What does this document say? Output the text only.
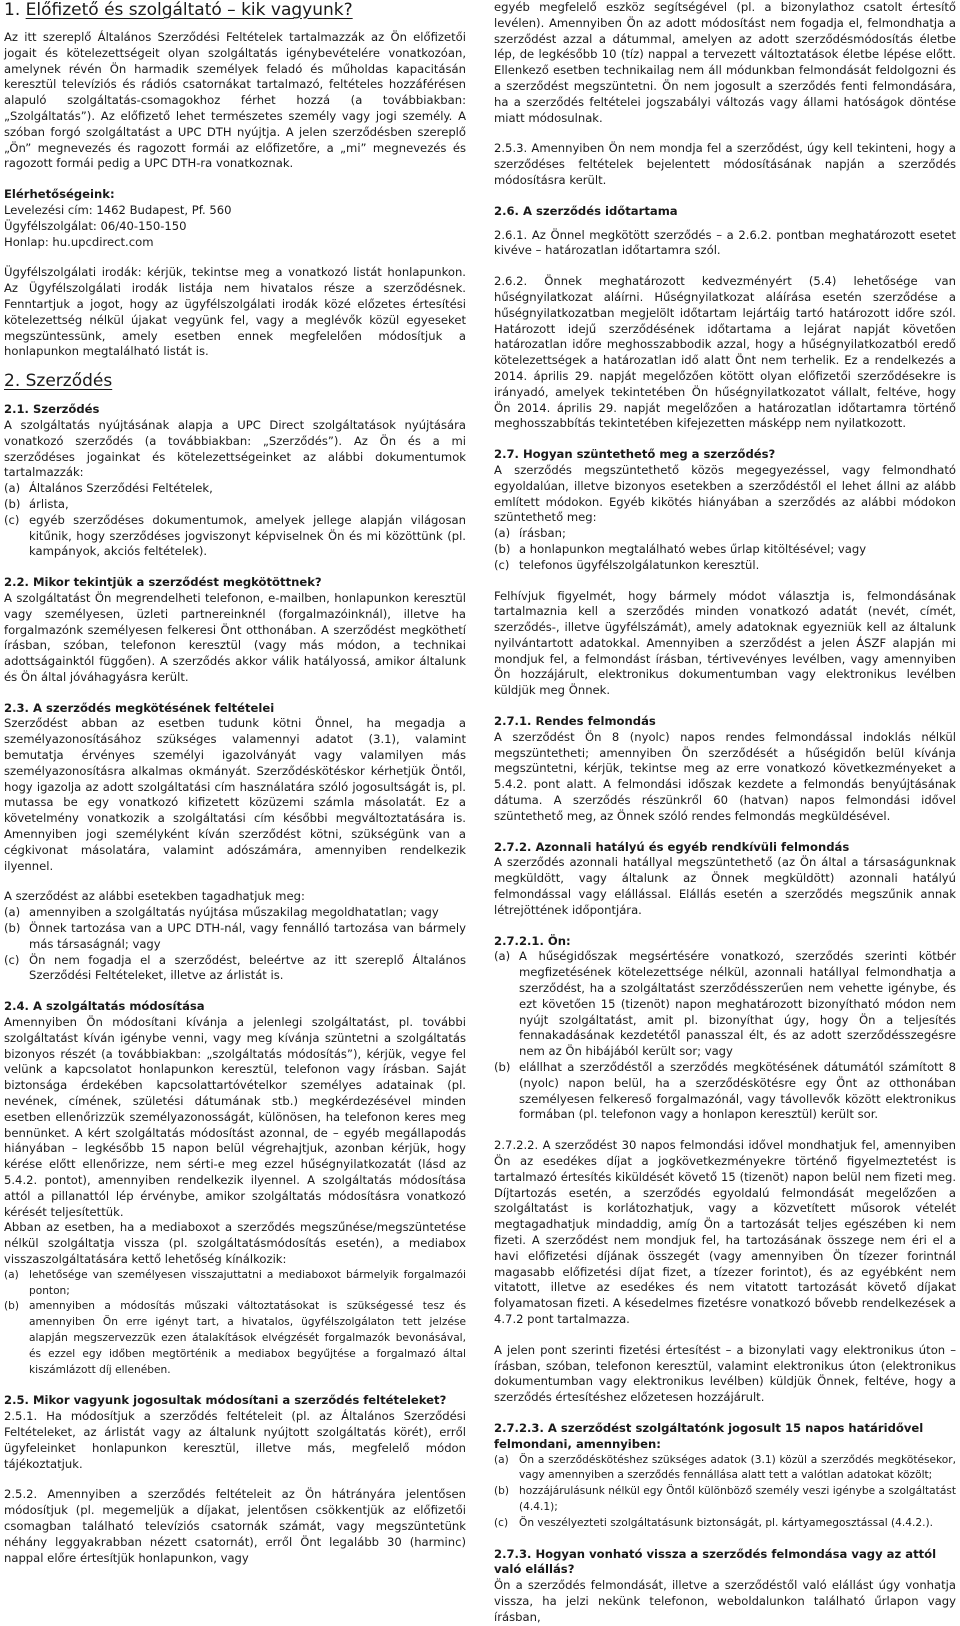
1. Előfizető és szolgáltató – kik vagyunk?

Az itt szereplő Általános Szerződési Feltételek tartalmazzák az Ön előfizetői jogait és kötelezettségeit olyan szolgáltatás igénybevételére vonatkozóan, amelynek révén Ön harmadik személyek feladó és műholdas kapacitásán keresztül televíziós és rádiós csatornákat tartalmazó, feltételes hozzáférésen alapuló szolgáltatás-csomagokhoz férhet hozzá (a továbbiakban: „Szolgáltatás”). Az előfizető lehet természetes személy vagy jogi személy. A szóban forgó szolgáltatást a UPC DTH nyújtja. A jelen szerződésben szereplő „Ön” megnevezés és ragozott formái az előfizetőre, a „mi” megnevezés és ragozott formái pedig a UPC DTH-ra vonatkoznak.

Elérhetőségeink:
Levelezési cím: 1462 Budapest, Pf. 560
Ügyfélszolgálat: 06/40-150-150
Honlap: hu.upcdirect.com

Ügyfélszolgálati irodák: kérjük, tekintse meg a vonatkozó listát honlapunkon. Az Ügyfélszolgálati irodák listája nem hivatalos része a szerződésnek. Fenntartjuk a jogot, hogy az ügyfélszolgálati irodák közé előzetes értesítési kötelezettség nélkül újakat vegyünk fel, vagy a meglévők közül egyeseket megszüntessünk, amely esetben ennek megfelelően módosítjuk a honlapunkon megtalálható listát is.

2. Szerződés
2.1. Szerződés

A szolgáltatás nyújtásának alapja a UPC Direct szolgáltatások nyújtására vonatkozó szerződés (a továbbiakban: „Szerződés”). Az Ön és a mi szerződéses jogainkat és kötelezettségeinket az alábbi dokumentumok tartalmazzák:

(a) Általános Szerződési Feltételek,
(b) árlista,
(c) egyéb szerződéses dokumentumok, amelyek jellege alapján világosan kitűnik, hogy szerződéses jogviszonyt képviselnek Ön és mi közöttünk (pl. kampányok, akciós feltételek).
2.2. Mikor tekintjük a szerződést megkötöttnek?

A szolgáltatást Ön megrendelheti telefonon, e-mailben, honlapunkon keresztül vagy személyesen, üzleti partnereinknél (forgalmazóinknál), illetve ha forgalmazónk személyesen felkeresi Önt otthonában. A szerződést megköthetí írásban, szóban, telefonon keresztül (vagy más módon, a technikai adottságainktól függően). A szerződés akkor válik hatályossá, amikor általunk és Ön által jóváhagyásra került.

2.3. A szerződés megkötésének feltételei

Szerződést abban az esetben tudunk kötni Önnel, ha megadja a személyazonosításához szükséges valamennyi adatot (3.1), valamint bemutatja érvényes személyi igazolványát vagy valamilyen más személyazonosításra alkalmas okmányát. Szerződéskötéskor kérhetjük Öntől, hogy igazolja az adott szolgáltatási cím használatára szóló jogosultságát is, pl. mutassa be egy vonatkozó kifizetett közüzemi számla másolatát. Ez a követelmény vonatkozik a szolgáltatási cím későbbi megváltoztatására is. Amennyiben jogi személyként kíván szerződést kötni, szükségünk van a cégkivonat másolatára, valamint adószámára, amennyiben rendelkezik ilyennel.

A szerződést az alábbi esetekben tagadhatjuk meg:

(a) amennyiben a szolgáltatás nyújtása műszakilag megoldhatatlan; vagy
(b) Önnek tartozása van a UPC DTH-nál, vagy fennálló tartozása van bármely más társaságnál; vagy
(c) Ön nem fogadja el a szerződést, beleértve az itt szereplő Általános Szerződési Feltételeket, illetve az árlistát is.
2.4. A szolgáltatás módosítása

Amennyiben Ön módosítani kívánja a jelenlegi szolgáltatást, pl. további szolgáltatást kíván igénybe venni, vagy meg kívánja szüntetni a szolgáltatás bizonyos részét (a továbbiakban: „szolgáltatás módosítás”), kérjük, vegye fel velünk a kapcsolatot honlapunkon keresztül, telefonon vagy írásban. Saját biztonsága érdekében kapcsolattartóvételkor személyes adatainak (pl. nevének, címének, születési dátumának stb.) megkérdezésével minden esetben ellenőrizzük személyazonosságát, különösen, ha telefonon keres meg bennünket. A kért szolgáltatás módosítást azonnal, de – egyéb megállapodás hiányában – legkésőbb 15 napon belül végrehajtjuk, azonban kérjük, hogy kérése előtt ellenőrizze, nem sérti-e meg ezzel hűségnyilatkozatát (lásd az 5.4.2. pontot), amennyiben rendelkezik ilyennel. A szolgáltatás módosítása attól a pillanattól lép érvénybe, amikor szolgáltatás módosításra vonatkozó kérését teljesítettük.

Abban az esetben, ha a mediaboxot a szerződés megszűnése/megszüntetése nélkül szolgáltatja vissza (pl. szolgáltatásmódosítás esetén), a mediabox visszaszolgáltatására kettő lehetőség kínálkozik:

(a) lehetősége van személyesen visszajuttatni a mediaboxot bármelyik forgalmazói ponton;
(b) amennyiben a módosítás műszaki változtatásokat is szükségessé tesz és amennyiben Ön erre igényt tart, a hivatalos, ügyfélszolgálaton tett jelzése alapján megszervezzük ezen átalakítások elvégzését forgalmazók bevonásával, és ezzel egy időben megtörténik a mediabox begyűjtése a forgalmazó által kiszámlázott díj ellenében.
2.5. Mikor vagyunk jogosultak módosítani a szerződés feltételeket?

2.5.1. Ha módosítjuk a szerződés feltételeit (pl. az Általános Szerződési Feltételeket, az árlistát vagy az általunk nyújtott szolgáltatás körét), erről ügyfeleinket honlapunkon keresztül, illetve más, megfelelő módon tájékoztatjuk.

2.5.2. Amennyiben a szerződés feltételeit az Ön hátrányára jelentősen módosítjuk (pl. megemeljük a díjakat, jelentősen csökkentjük az előfizetői csomagban található televíziós csatornák számát, vagy megszüntetünk néhány leggyakrabban nézett csatornát), erről Önt legalább 30 (harminc) nappal előre értesítjük honlapunkon, vagy

egyéb megfelelő eszköz segítségével (pl. a bizonylathoz csatolt értesítő levélen). Amennyiben Ön az adott módosítást nem fogadja el, felmondhatja a szerződést azzal a dátummal, amelyen az adott szerződésmódosítás életbe lép, de legkésőbb 10 (tíz) nappal a tervezett változtatások életbe lépése előtt. Ellenkező esetben technikailag nem áll módunkban felmondását feldolgozni és a szerződést megszüntetni. Ön nem jogosult a szerződés fenti felmondására, ha a szerződés feltételei jogszabályi változás vagy állami hatóságok döntése miatt módosulnak.

2.5.3. Amennyiben Ön nem mondja fel a szerződést, úgy kell tekinteni, hogy a szerződéses feltételek bejelentett módosításának napján a szerződés módosításra került.

2.6. A szerződés időtartama

2.6.1. Az Önnel megkötött szerződés – a 2.6.2. pontban meghatározott esetet kivéve – határozatlan időtartamra szól.

2.6.2. Önnek meghatározott kedvezményért (5.4) lehetősége van hűségnyilatkozat aláírni. Hűségnyilatkozat aláírása esetén szerződése a hűségnyilatkozatban megjelölt időtartam lejártáig tartó határozott időre szól. Határozott idejű szerződésének időtartama a lejárat napját követően határozatlan időre meghosszabbodik azzal, hogy a hűségnyilatkozatból eredő kötelezettségek a határozatlan idő alatt Önt nem terhelik. Ez a rendelkezés a 2014. április 29. napját megelőzően kötött olyan előfizetői szerződésekre is irányadó, amelyek tekintetében Ön hűségnyilatkozatot vállalt, feltéve, hogy Ön 2014. április 29. napját megelőzően a határozatlan időtartamra történő meghosszabbítás tekintetében kifejezetten másképp nem nyilatkozott.

2.7. Hogyan szüntethető meg a szerződés?

A szerződés megszüntethető közös megegyezéssel, vagy felmondható egyoldalúan, illetve bizonyos esetekben a szerződéstől el lehet állni az alább említett módokon. Egyéb kikötés hiányában a szerződés az alábbi módokon szüntethető meg:

(a) írásban;
(b) a honlapunkon megtalálható webes űrlap kitöltésével; vagy
(c) telefonos ügyfélszolgálatunkon keresztül.

Felhívjuk figyelmét, hogy bármely módot választja is, felmondásának tartalmaznia kell a szerződés minden vonatkozó adatát (nevét, címét, szerződés-, illetve ügyfélszámát), amely adatoknak egyezniük kell az általunk nyilvántartott adatokkal. Amennyiben a szerződést a jelen ÁSZF alapján mi mondjuk fel, a felmondást írásban, tértivevényes levélben, vagy amennyiben Ön hozzájárult, elektronikus dokumentumban vagy elektronikus levélben küldjük meg Önnek.

2.7.1. Rendes felmondás

A szerződést Ön 8 (nyolc) napos rendes felmondással indoklás nélkül megszüntetheti; amennyiben Ön szerződését a hűségidőn belül kívánja megszüntetni, kérjük, tekintse meg az erre vonatkozó következményeket a 5.4.2. pont alatt. A felmondási időszak kezdete a felmondás benyújtásának dátuma. A szerződés részünkről 60 (hatvan) napos felmondási idővel szüntethető meg, az Önnek szóló rendes felmondás megküldésével.

2.7.2. Azonnali hatályú és egyéb rendkívüli felmondás

A szerződés azonnali hatállyal megszüntethető (az Ön által a társaságunknak megküldött, vagy általunk az Önnek megküldött) azonnali hatályú felmondással vagy elállással. Elállás esetén a szerződés megszűnik annak létrejöttének időpontjára.

2.7.2.1. Ön:
(a) A hűségidőszak megsértésére vonatkozó, szerződés szerinti kötbér megfizetésének kötelezettsége nélkül, azonnali hatállyal felmondhatja a szerződést, ha a szolgáltatást szerződésszerűen nem vehette igénybe, és ezt követően 15 (tizenöt) napon meghatározott bizonyítható módon nem nyújt szolgáltatást, amit pl. bizonyíthat úgy, hogy Ön a teljesítés fennakadásának kezdetétől panasszal élt, és az adott szerződésszegésre nem az Ön hibájából került sor; vagy
(b) elállhat a szerződéstől a szerződés megkötésének dátumától számított 8 (nyolc) napon belül, ha a szerződéskötésre egy Önt az otthonában személyesen felkereső forgalmazónál, vagy távollevők között elektronikus formában (pl. telefonon vagy a honlapon keresztül) került sor.

2.7.2.2. A szerződést 30 napos felmondási idővel mondhatjuk fel, amennyiben Ön az esedékes díjat a jogkövetkezményekre történő figyelmeztetést is tartalmazó értesítés kiküldését követő 15 (tizenöt) napon belül nem fizeti meg. Díjtartozás esetén, a szerződés egyoldalú felmondását megelőzően a szolgáltatást is korlátozhatjuk, vagy a közvetített műsorok vételét megtagadhatjuk mindaddig, amíg Ön a tartozását teljes egészében ki nem fizeti. A szerződést nem mondjuk fel, ha tartozásának összege nem éri el a havi előfizetési díjának összegét (vagy amennyiben Ön tízezer forintnál magasabb előfizetési díjat fizet, a tízezer forintot), és az egyébként nem vitatott, illetve az esedékes és nem vitatott tartozását követő díjakat folyamatosan fizeti. A késedelmes fizetésre vonatkozó bővebb rendelkezések a 4.7.2 pont tartalmazza.

A jelen pont szerinti fizetési értesítést – a bizonylati vagy elektronikus úton – írásban, szóban, telefonon keresztül, valamint elektronikus úton (elektronikus dokumentumban vagy elektronikus levélben) küldjük Önnek, feltéve, hogy a szerződés értesítéshez előzetesen hozzájárult.

2.7.2.3. A szerződést szolgáltatónk jogosult 15 napos határidővel felmondani, amennyiben:
(a) Ön a szerződéskötéshez szükséges adatok (3.1) közül a szerződés megkötésekor, vagy amennyiben a szerződés fennállása alatt tett a valótlan adatokat közölt;
(b) hozzájárulásunk nélkül egy Öntől különböző személy veszi igénybe a szolgáltatást (4.4.1);
(c)	Ön veszélyezteti szolgáltatásunk biztonságát, pl. kártyamegosztással (4.4.2.).
2.7.3. Hogyan vonható vissza a szerződés felmondása vagy az attól való elállás?

Ön a szerződés felmondását, illetve a szerződéstől való elállást úgy vonhatja vissza, ha jelzi nekünk telefonon, weboldalunkon található űrlapon vagy írásban,
